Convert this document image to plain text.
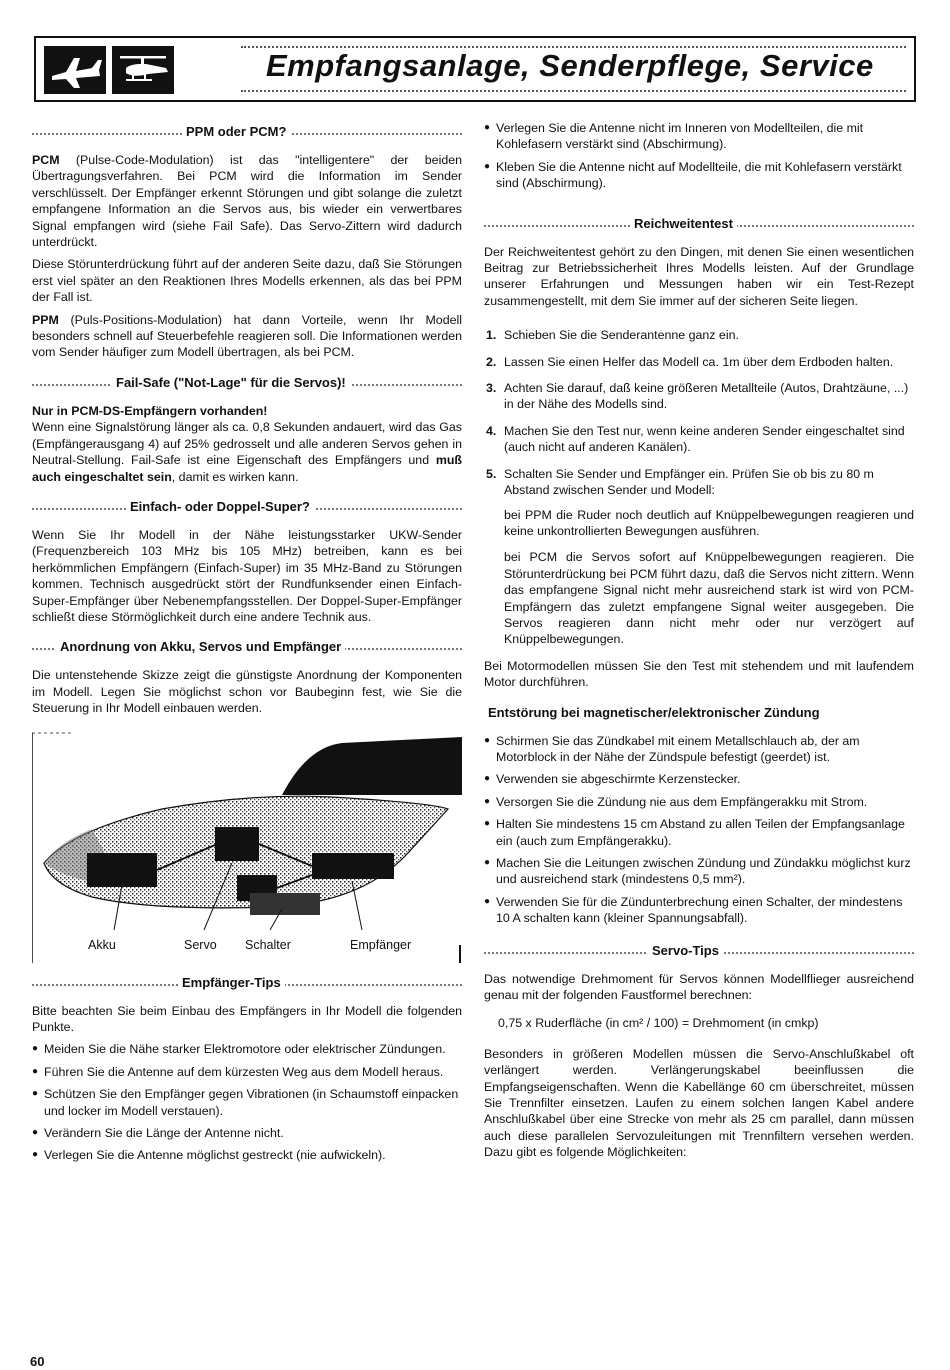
Empfangsanlage, Senderpflege, Service
PPM oder PCM?

PCM (Pulse-Code-Modulation) ist das "intelligentere" der beiden Übertragungsverfahren. Bei PCM wird die Information im Sender verschlüsselt. Der Empfänger erkennt Störungen und gibt solange die zuletzt empfangene Information an die Servos aus, bis wieder ein verwertbares Signal empfangen wird (siehe Fail Safe). Das Servo-Zittern wird dadurch unterdrückt.

Diese Störunterdrückung führt auf der anderen Seite dazu, daß Sie Störungen erst viel später an den Reaktionen Ihres Modells erkennen, als das bei PPM der Fall ist.

PPM (Puls-Positions-Modulation) hat dann Vorteile, wenn Ihr Modell besonders schnell auf Steuerbefehle reagieren soll. Die Informationen werden vom Sender häufiger zum Modell übertragen, als bei PCM.

Fail-Safe ("Not-Lage" für die Servos)!

Nur in PCM-DS-Empfängern vorhanden!

Wenn eine Signalstörung länger als ca. 0,8 Sekunden andauert, wird das Gas (Empfängerausgang 4) auf 25% gedrosselt und alle anderen Servos gehen in Neutral-Stellung. Fail-Safe ist eine Eigenschaft des Empfängers und muß auch eingeschaltet sein, damit es wirken kann.

Einfach- oder Doppel-Super?

Wenn Sie Ihr Modell in der Nähe leistungsstarker UKW-Sender (Frequenzbereich 103 MHz bis 105 MHz) betreiben, kann es bei herkömmlichen Empfängern (Einfach-Super) im 35 MHz-Band zu Störungen kommen. Technisch ausgedrückt stört der Rundfunksender einen Einfach-Super-Empfänger über Nebenempfangsstellen. Der Doppel-Super-Empfänger schließt diese Störmöglichkeit durch eine andere Technik aus.

Anordnung von Akku, Servos und Empfänger

Die untenstehende Skizze zeigt die günstigste Anordnung der Komponenten im Modell. Legen Sie möglichst schon vor Baubeginn fest, wie Sie die Steuerung in Ihr Modell einbauen werden.

Akku	Servo Schalter	Empfänger
Empfänger-Tips

Bitte beachten Sie beim Einbau des Empfängers in Ihr Modell die folgenden Punkte.

● Meiden Sie die Nähe starker Elektromotore oder elektrischer Zündungen.
● Führen Sie die Antenne auf dem kürzesten Weg aus dem Modell heraus.
● Schützen Sie den Empfänger gegen Vibrationen (in Schaumstoff einpacken und locker im Modell verstauen).
● Verändern Sie die Länge der Antenne nicht.
● Verlegen Sie die Antenne möglichst gestreckt (nie aufwickeln).
● Verlegen Sie die Antenne nicht im Inneren von Modellteilen, die mit Kohlefasern verstärkt sind (Abschirmung).
● Kleben Sie die Antenne nicht auf Modellteile, die mit Kohlefasern verstärkt sind (Abschirmung).
Reichweitentest

Der Reichweitentest gehört zu den Dingen, mit denen Sie einen wesentlichen Beitrag zur Betriebssicherheit Ihres Modells leisten. Auf der Grundlage unserer Erfahrungen und Messungen haben wir ein Test-Rezept zusammengestellt, mit dem Sie immer auf der sicheren Seite liegen.

1. Schieben Sie die Senderantenne ganz ein.
2. Lassen Sie einen Helfer das Modell ca. 1m über dem Erdboden halten.
3. Achten Sie darauf, daß keine größeren Metallteile (Autos, Drahtzäune, ...) in der Nähe des Modells sind.
4. Machen Sie den Test nur, wenn keine anderen Sender eingeschaltet sind (auch nicht auf anderen Kanälen).
5. Schalten Sie Sender und Empfänger ein. Prüfen Sie ob bis zu 80 m Abstand zwischen Sender und Modell:

bei PPM die Ruder noch deutlich auf Knüppelbewegungen reagieren und keine unkontrollierten Bewegungen ausführen.

bei PCM die Servos sofort auf Knüppelbewegungen reagieren. Die Störunterdrückung bei PCM führt dazu, daß die Servos nicht zittern. Wenn das empfangene Signal nicht mehr ausreichend stark ist wird von PCM-Empfängern das zuletzt empfangene Signal weiter ausgegeben. Die Servos reagieren dann nicht mehr oder nur verzögert auf Knüppelbewegungen.

Bei Motormodellen müssen Sie den Test mit stehendem und mit laufendem Motor durchführen.

Entstörung bei magnetischer/elektronischer Zündung
● Schirmen Sie das Zündkabel mit einem Metallschlauch ab, der am Motorblock in der Nähe der Zündspule befestigt (geerdet) ist.
● Verwenden sie abgeschirmte Kerzenstecker.
● Versorgen Sie die Zündung nie aus dem Empfängerakku mit Strom.
● Halten Sie mindestens 15 cm Abstand zu allen Teilen der Empfangsanlage ein (auch zum Empfängerakku).
● Machen Sie die Leitungen zwischen Zündung und Zündakku möglichst kurz und ausreichend stark (mindestens 0,5 mm²).
● Verwenden Sie für die Zündunterbrechung einen Schalter, der mindestens 10 A schalten kann (kleiner Spannungsabfall).
Servo-Tips

Das notwendige Drehmoment für Servos können Modellflieger ausreichend genau mit der folgenden Faustformel berechnen:

0,75 x Ruderfläche (in cm² / 100) = Drehmoment (in cmkp)

Besonders in größeren Modellen müssen die Servo-Anschlußkabel oft verlängert werden. Verlängerungskabel beeinflussen die Empfangseigenschaften. Wenn die Kabellänge 60 cm überschreitet, müssen Sie Trennfilter einsetzen. Laufen zu einem solchen langen Kabel andere Anschlußkabel über eine Strecke von mehr als 25 cm parallel, dann müssen auch diese parallelen Servozuleitungen mit Trennfiltern versehen werden. Dazu gibt es folgende Möglichkeiten:

60
